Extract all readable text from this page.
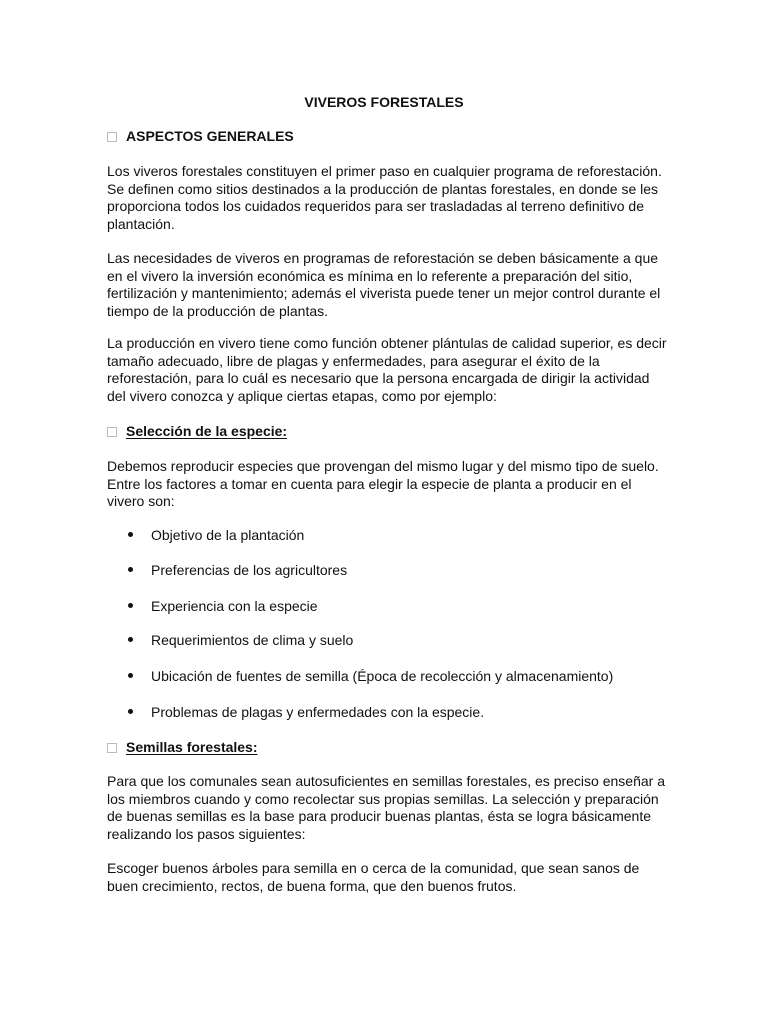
VIVEROS FORESTALES
ASPECTOS GENERALES

Los viveros forestales constituyen el primer paso en cualquier programa de reforestación. Se definen como sitios destinados a la producción de plantas forestales, en donde se les proporciona todos los cuidados requeridos para ser trasladadas al terreno definitivo de plantación.

Las necesidades de viveros en programas de reforestación se deben básicamente a que en el vivero la inversión económica es mínima en lo referente a preparación del sitio, fertilización y mantenimiento; además el viverista puede tener un mejor control durante el tiempo de la producción de plantas.

La producción en vivero tiene como función obtener plántulas de calidad superior, es decir tamaño adecuado, libre de plagas y enfermedades, para asegurar el éxito de la reforestación, para lo cuál es necesario que la persona encargada de dirigir la actividad del vivero conozca y aplique ciertas etapas, como por ejemplo:

Selección de la especie:

Debemos reproducir especies que provengan del mismo lugar y del mismo tipo de suelo. Entre los factores a tomar en cuenta para elegir la especie de planta a producir en el vivero son:

Objetivo de la plantación
Preferencias de los agricultores
Experiencia con la especie
Requerimientos de clima y suelo
Ubicación de fuentes de semilla (Época de recolección y almacenamiento)
Problemas de plagas y enfermedades con la especie.
Semillas forestales:

Para que los comunales sean autosuficientes en semillas forestales, es preciso enseñar a los miembros cuando y como recolectar sus propias semillas. La selección y preparación de buenas semillas es la base para producir buenas plantas, ésta se logra básicamente realizando los pasos siguientes:

Escoger buenos árboles para semilla en o cerca de la comunidad, que sean sanos de buen crecimiento, rectos, de buena forma, que den buenos frutos.
